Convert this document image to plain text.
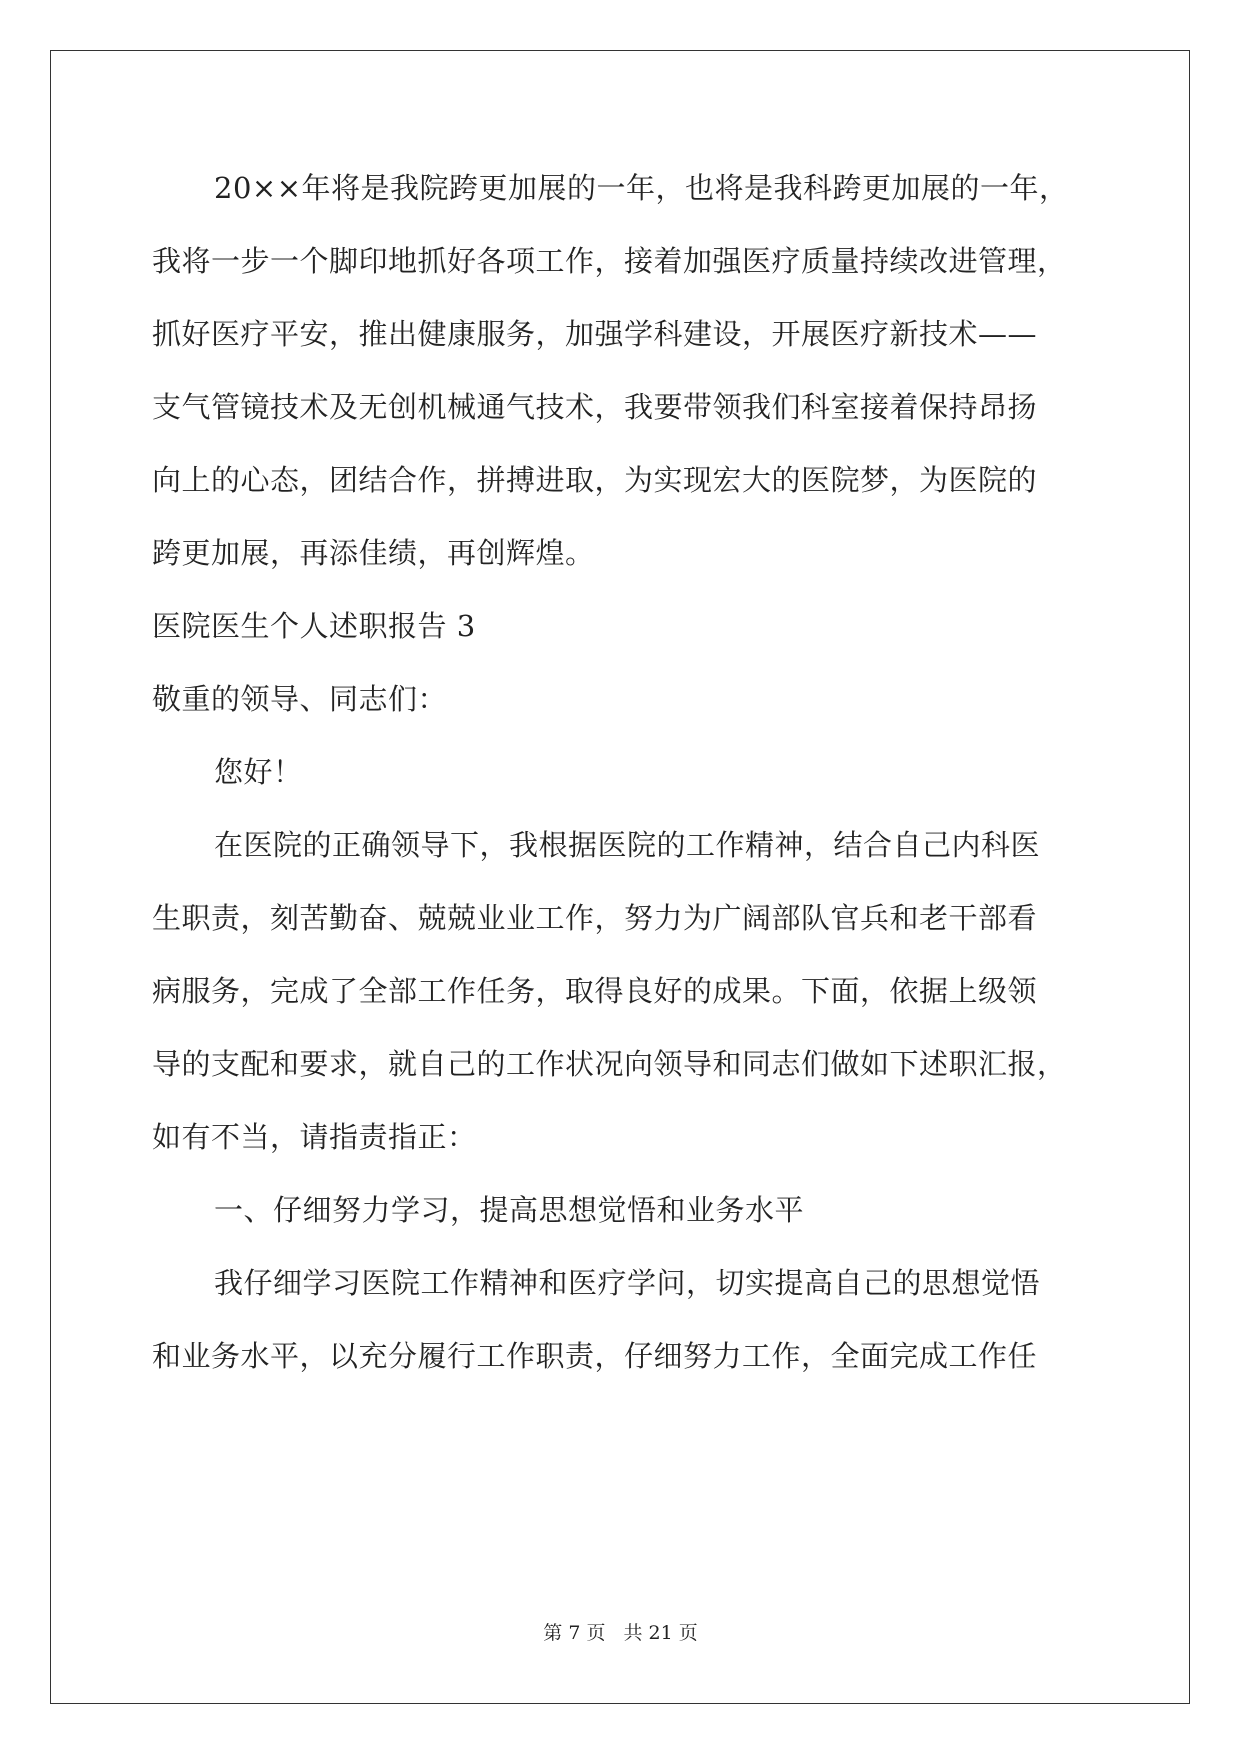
20××年将是我院跨更加展的一年，也将是我科跨更加展的一年，
我将一步一个脚印地抓好各项工作，接着加强医疗质量持续改进管理，
抓好医疗平安，推出健康服务，加强学科建设，开展医疗新技术——
支气管镜技术及无创机械通气技术，我要带领我们科室接着保持昂扬
向上的心态，团结合作，拼搏进取，为实现宏大的医院梦，为医院的
跨更加展，再添佳绩，再创辉煌。
医院医生个人述职报告 3
敬重的领导、同志们：
您好！
在医院的正确领导下，我根据医院的工作精神，结合自己内科医
生职责，刻苦勤奋、兢兢业业工作，努力为广阔部队官兵和老干部看
病服务，完成了全部工作任务，取得良好的成果。下面，依据上级领
导的支配和要求，就自己的工作状况向领导和同志们做如下述职汇报，
如有不当，请指责指正：
一、仔细努力学习，提高思想觉悟和业务水平
我仔细学习医院工作精神和医疗学问，切实提高自己的思想觉悟
和业务水平，以充分履行工作职责，仔细努力工作，全面完成工作任
第 7 页 共 21 页
